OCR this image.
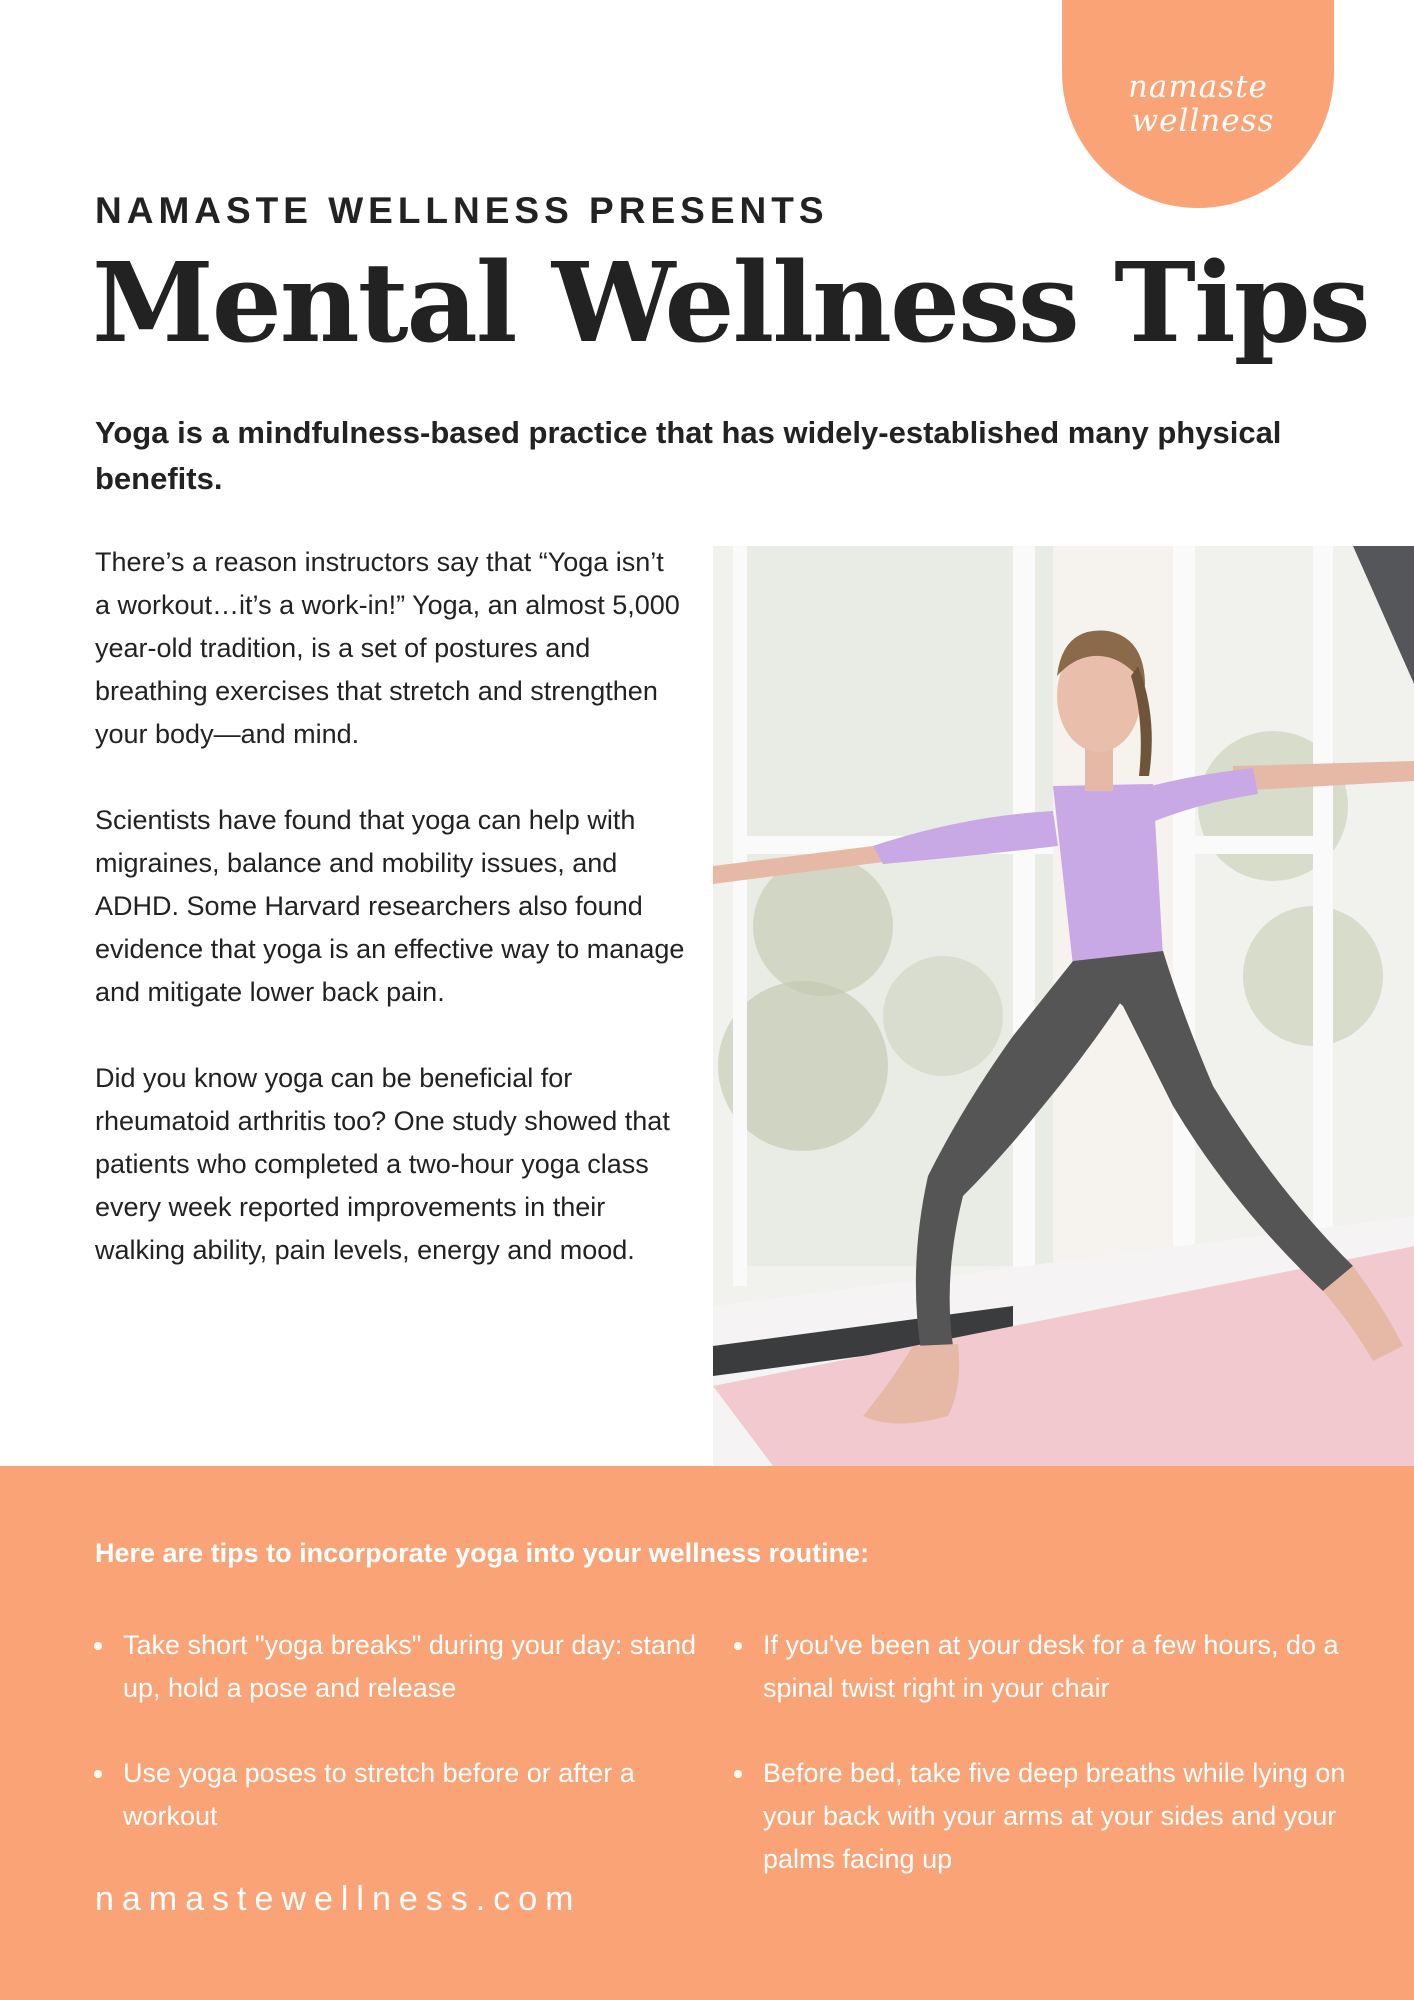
namaste
wellness
NAMASTE WELLNESS PRESENTS
Mental Wellness Tips

Yoga is a mindfulness-based practice that has widely-established many physical benefits.

There’s a reason instructors say that “Yoga isn’t a workout…it’s a work-in!” Yoga, an almost 5,000 year-old tradition, is a set of postures and breathing exercises that stretch and strengthen your body—and mind.

Scientists have found that yoga can help with migraines, balance and mobility issues, and ADHD. Some Harvard researchers also found evidence that yoga is an effective way to manage and mitigate lower back pain.

Did you know yoga can be beneficial for rheumatoid arthritis too? One study showed that patients who completed a two-hour yoga class every week reported improvements in their walking ability, pain levels, energy and mood.

Here are tips to incorporate yoga into your wellness routine:

Take short "yoga breaks" during your day: stand up, hold a pose and release

If you've been at your desk for a few hours, do a spinal twist right in your chair

Use yoga poses to stretch before or after a workout

Before bed, take five deep breaths while lying on your back with your arms at your sides and your palms facing up

namastewellness.com
